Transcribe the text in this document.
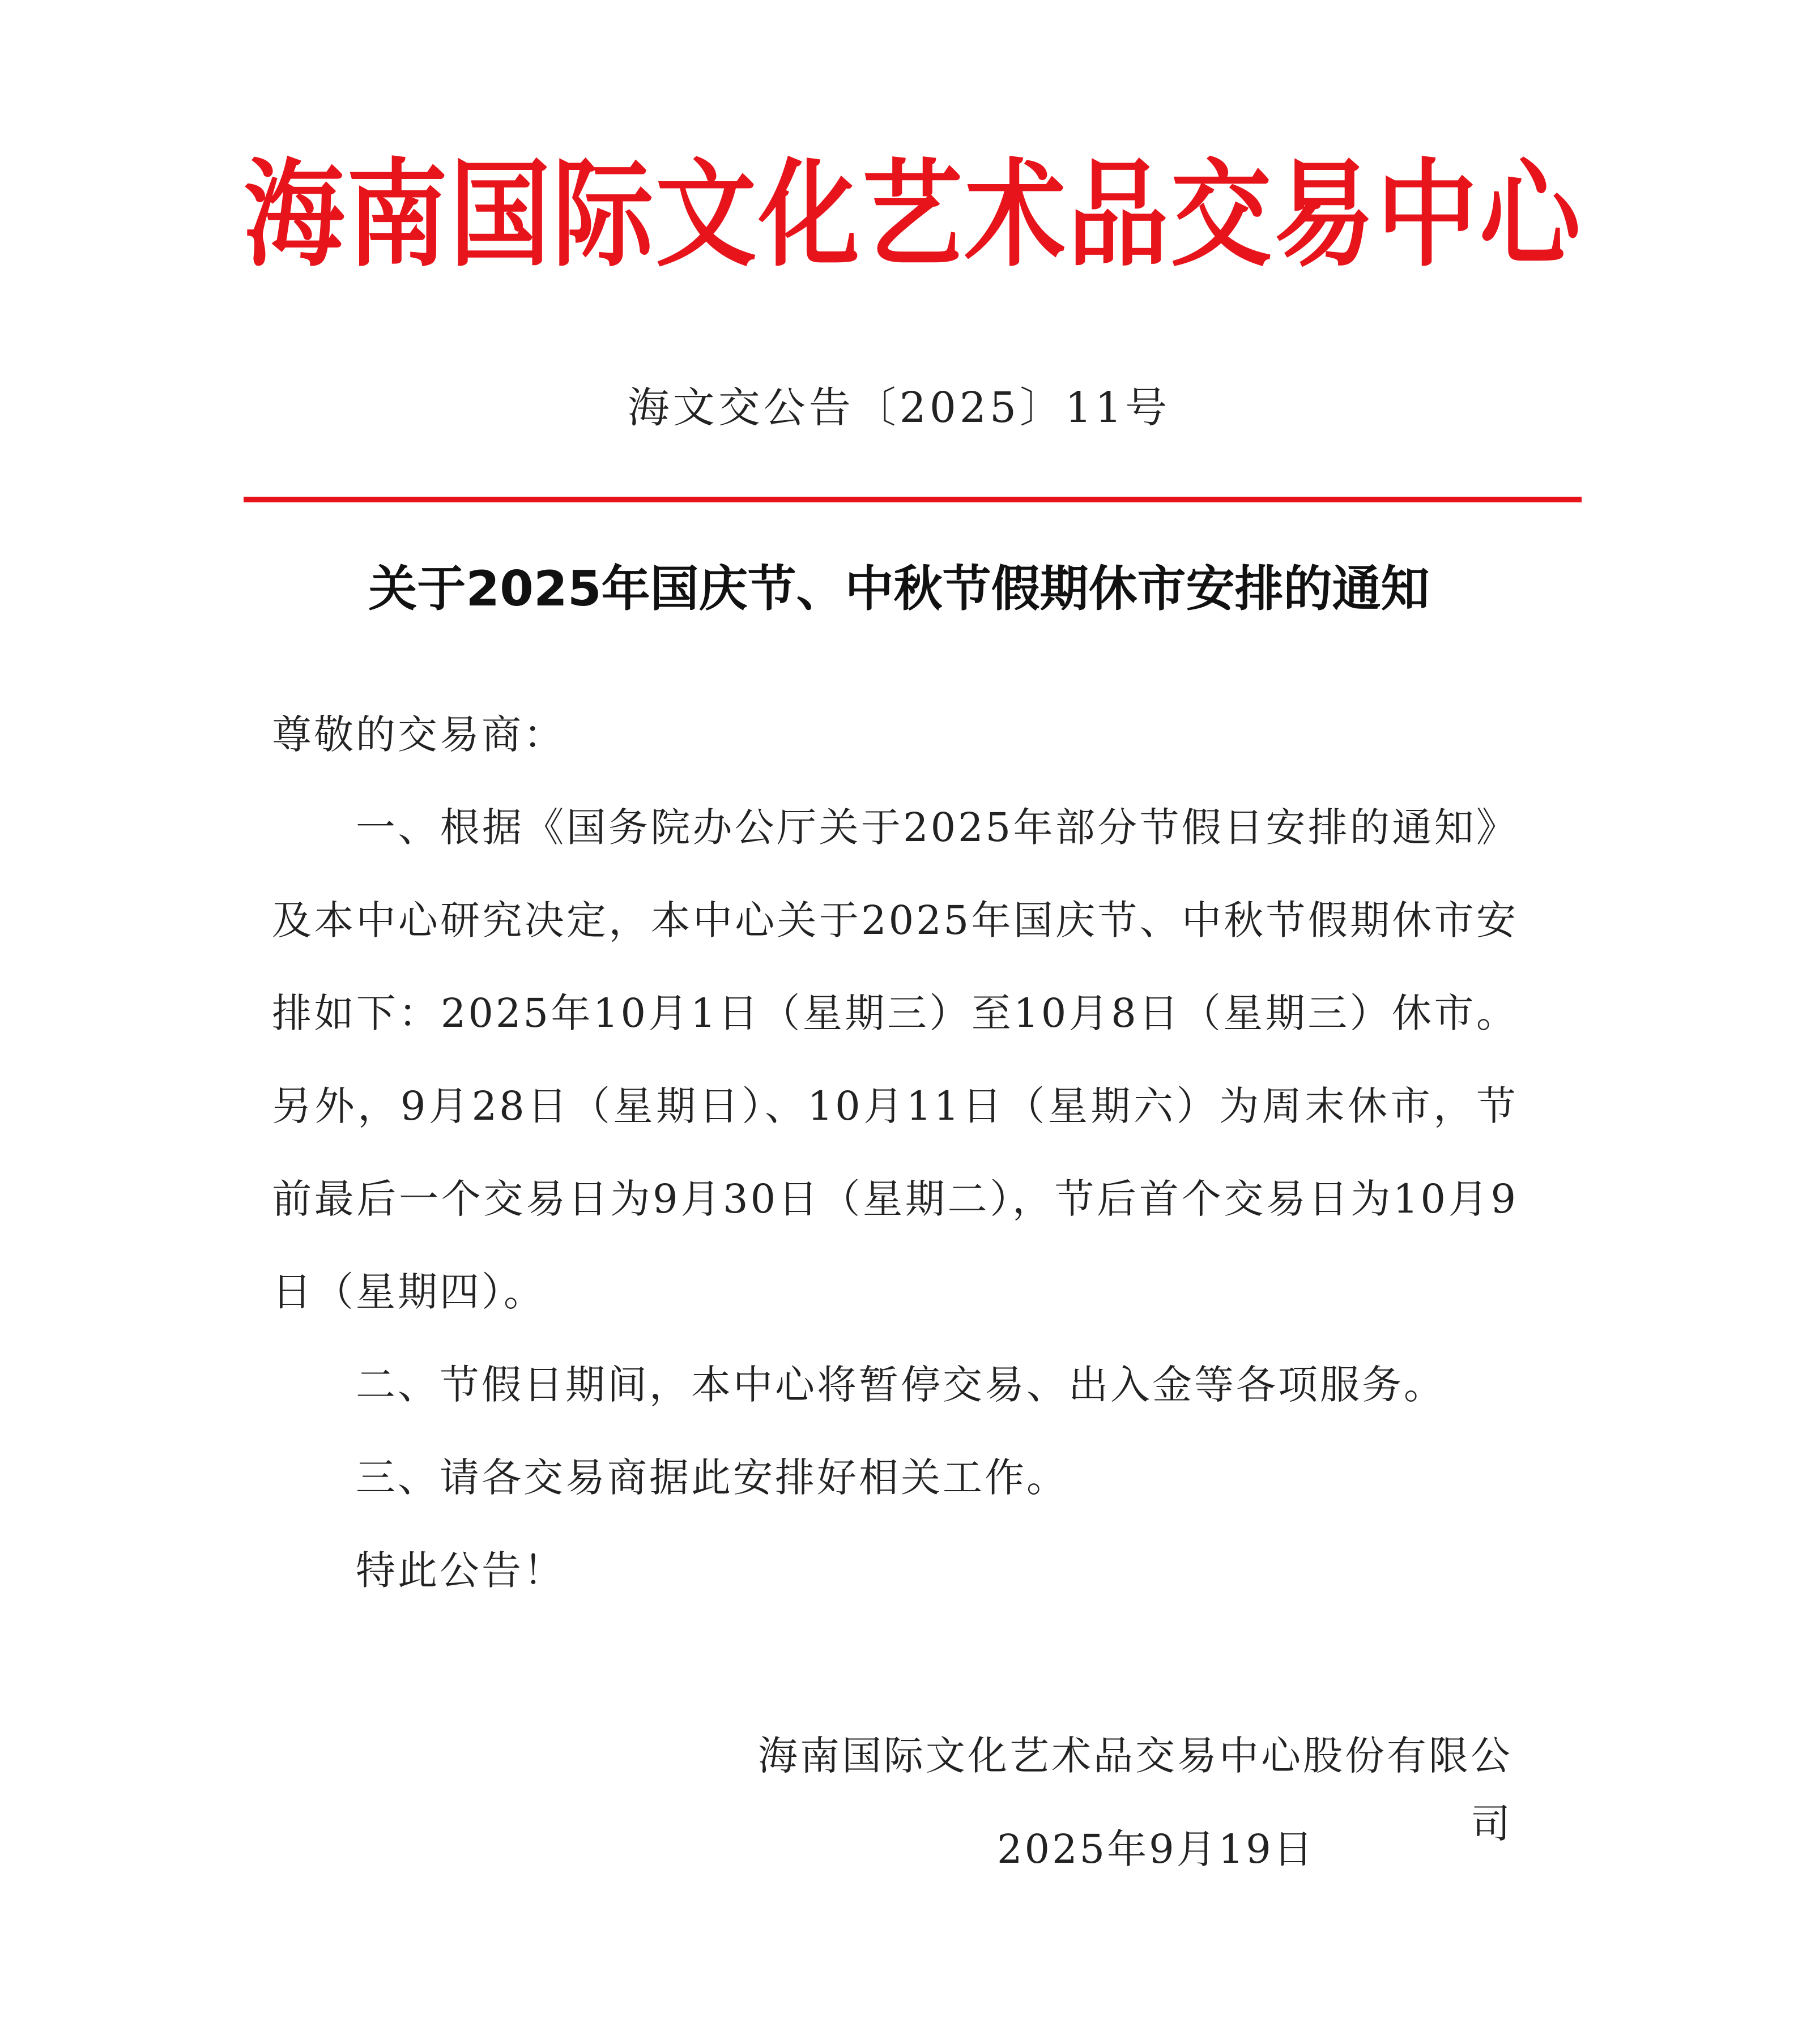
海南国际文化艺术品交易中心
海文交公告〔2025〕11号
关于2025年国庆节、中秋节假期休市安排的通知

尊敬的交易商：

一、根据《国务院办公厅关于2025年部分节假日安排的通知》及本中心研究决定，本中心关于2025年国庆节、中秋节假期休市安排如下：2025年10月1日（星期三）至10月8日（星期三）休市。另外，9月28日（星期日）、10月11日（星期六）为周末休市，节前最后一个交易日为9月30日（星期二），节后首个交易日为10月9日（星期四）。

二、节假日期间，本中心将暂停交易、出入金等各项服务。

三、请各交易商据此安排好相关工作。

特此公告！

海南国际文化艺术品交易中心股份有限公司
2025年9月19日
